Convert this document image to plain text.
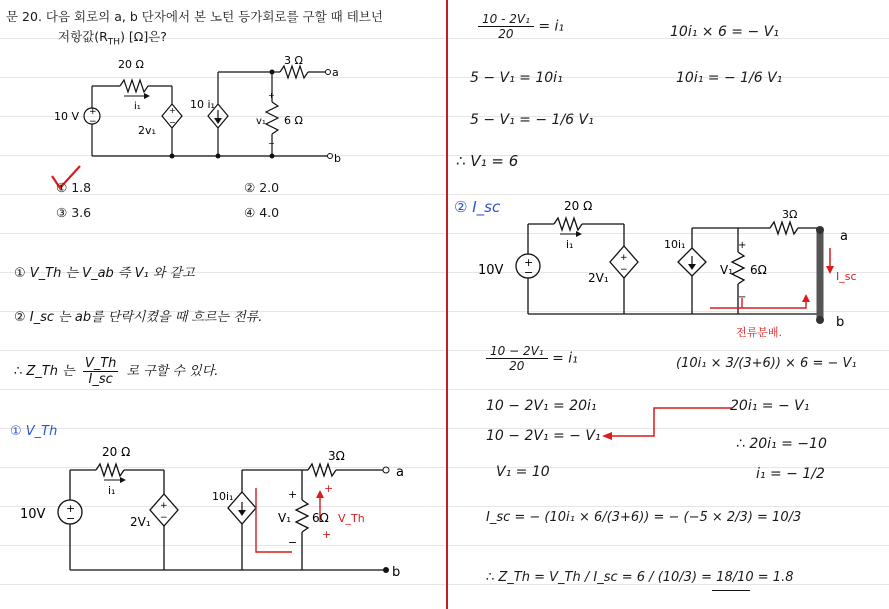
문 20. 다음 회로의 a, b 단자에서 본 노턴 등가회로를 구할 때 테브넌
저항값$(R_{TH})$ [Ω]은?
+
−
+
−
+
−
20 Ω
i₁
10 V
2v₁
10 i₁
3 Ω
6 Ω
v₁
a
b
① 1.8	② 2.0
③ 3.6	④ 4.0
① V_Th 는 V_ab 즉 V₁ 와 같고
② I_sc 는 ab를 단락시켰을 때 흐르는 전류.
∴ Z_Th 는 $\frac{V\_Th}{I\_sc}$ 로 구할 수 있다.
① V_Th
+
−
+
−
20 Ω
i₁
10V	2V₁
10i₁
3Ω
6Ω
V₁
+
−
V_Th
+
+
a
b
$\frac{\text{10 - 2V₁}}{20} = i_1$	10i₁ × 6 = − V₁
5 − V₁ = 10i₁	10i₁ = − 1/6 V₁
5 − V₁ = − 1/6 V₁
∴ V₁ = 6
② I_sc
+
−
+
−
+
−
20 Ω
i₁
10V	2V₁
10i₁
3Ω
6Ω
V₁	I_sc
전류분배.
a
b
$\frac{\text{10 − 2V₁}}{20} = i_1$	(10i₁ × 3/(3+6)) × 6 = − V₁
10 − 2V₁ = 20i₁	20i₁ = − V₁
10 − 2V₁ = − V₁	∴ 20i₁ = −10
V₁ = 10	i₁ = − 1/2
I_sc = − (10i₁ × 6/(3+6)) = − (−5 × 2/3) = 10/3
∴ Z_Th = V_Th / I_sc = 6 / (10/3) = 18/10 = 1.8
